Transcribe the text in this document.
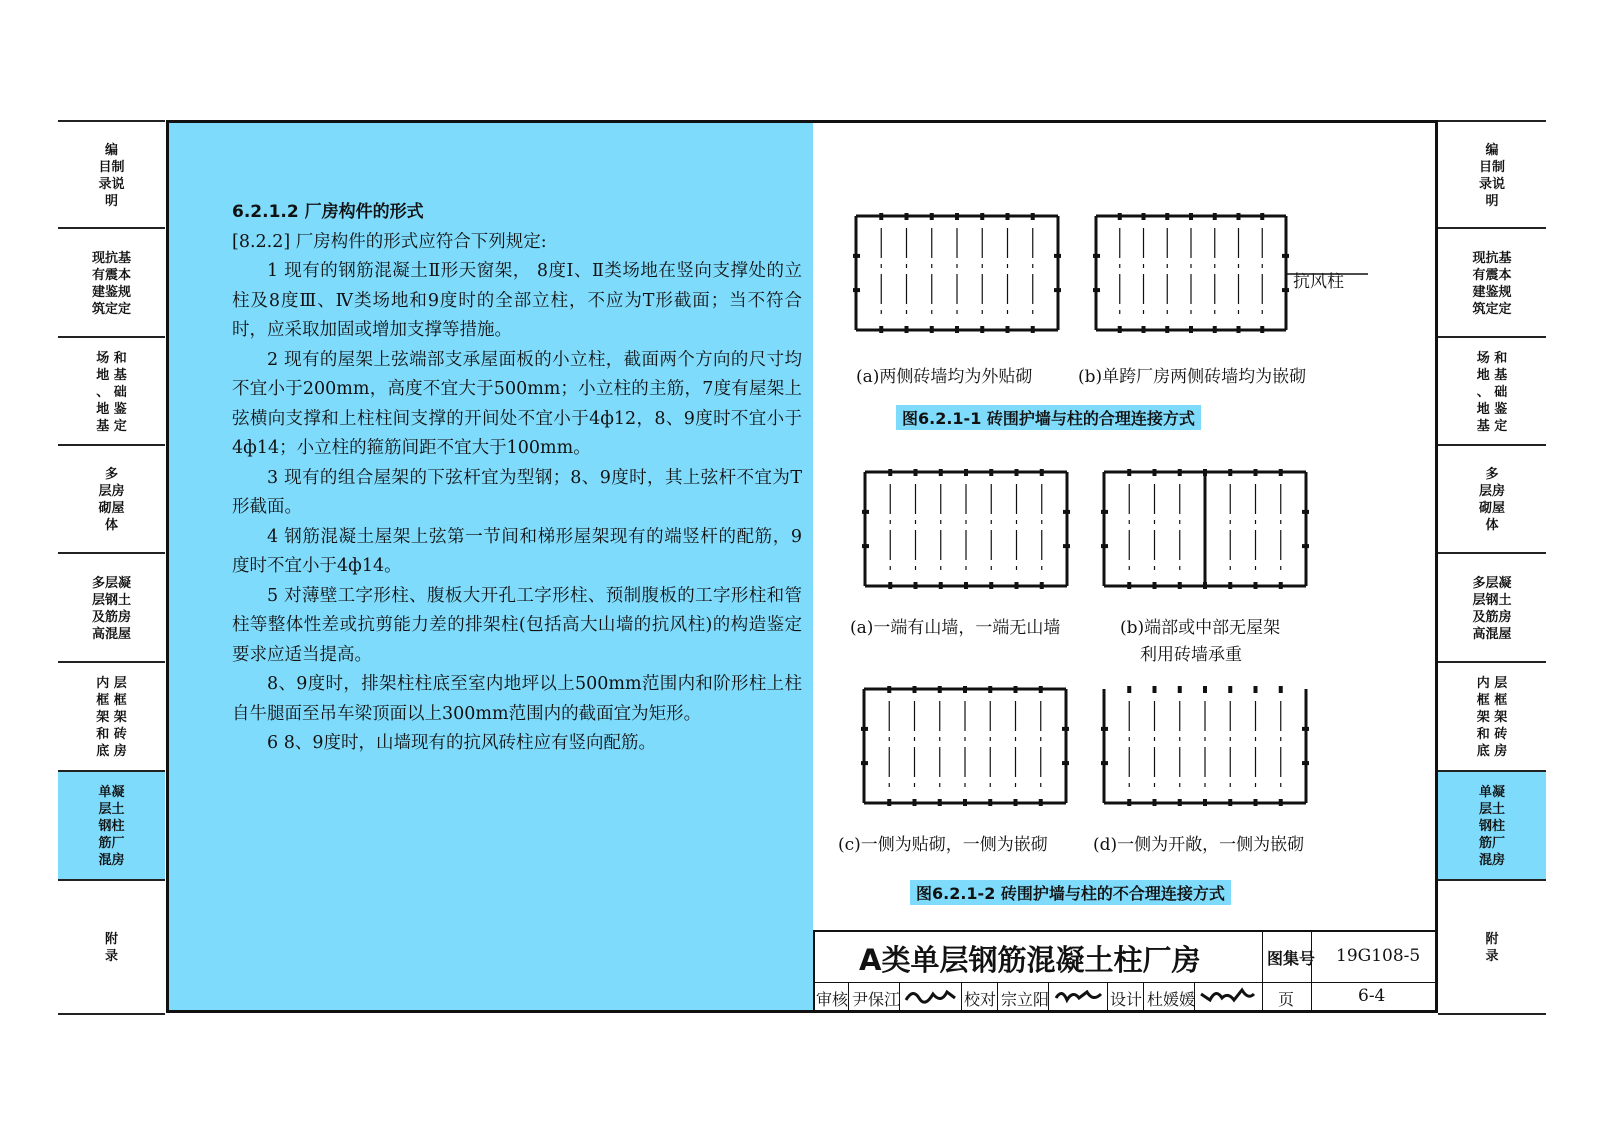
编
目制
录说
明
现抗基
有震本
建鉴规
筑定定
场 和
地 基
、 础
地 鉴
基 定
多
层房
砌屋
体
多层凝
层钢土
及筋房
高混屋
内 层
框 框
架 架
和 砖
底 房
单凝
层土
钢柱
筋厂
混房
附
录
编
目制
录说
明
现抗基
有震本
建鉴规
筑定定
场 和
地 基
、 础
地 鉴
基 定
多
层房
砌屋
体
多层凝
层钢土
及筋房
高混屋
内 层
框 框
架 架
和 砖
底 房
单凝
层土
钢柱
筋厂
混房
附
录

6.2.1.2 厂房构件的形式

[8.2.2] 厂房构件的形式应符合下列规定:

1 现有的钢筋混凝土Ⅱ形天窗架， 8度Ⅰ、Ⅱ类场地在竖向支撑处的立柱及8度Ⅲ、Ⅳ类场地和9度时的全部立柱，不应为T形截面；当不符合时，应采取加固或增加支撑等措施。

2 现有的屋架上弦端部支承屋面板的小立柱，截面两个方向的尺寸均不宜小于200mm，高度不宜大于500mm；小立柱的主筋，7度有屋架上弦横向支撑和上柱柱间支撑的开间处不宜小于4ф12，8、9度时不宜小于4ф14；小立柱的箍筋间距不宜大于100mm。

3 现有的组合屋架的下弦杆宜为型钢；8、9度时，其上弦杆不宜为T形截面。

4 钢筋混凝土屋架上弦第一节间和梯形屋架现有的端竖杆的配筋，9度时不宜小于4ф14。

5 对薄壁工字形柱、腹板大开孔工字形柱、预制腹板的工字形柱和管柱等整体性差或抗剪能力差的排架柱(包括高大山墙的抗风柱)的构造鉴定要求应适当提高。

8、9度时，排架柱柱底至室内地坪以上500mm范围内和阶形柱上柱自牛腿面至吊车梁顶面以上300mm范围内的截面宜为矩形。

6 8、9度时，山墙现有的抗风砖柱应有竖向配筋。

(a)两侧砖墙均为外贴砌	(b)单跨厂房两侧砖墙均为嵌砌
抗风柱
图6.2.1-1 砖围护墙与柱的合理连接方式
(a)一端有山墙，一端无山墙	(b)端部或中部无屋架
利用砖墙承重
(c)一侧为贴砌，一侧为嵌砌	(d)一侧为开敞，一侧为嵌砌
图6.2.1-2 砖围护墙与柱的不合理连接方式
A类单层钢筋混凝土柱厂房	图集号 19G108-5
审核 尹保江	校对 宗立阳	设计 杜媛媛	页	6-4
